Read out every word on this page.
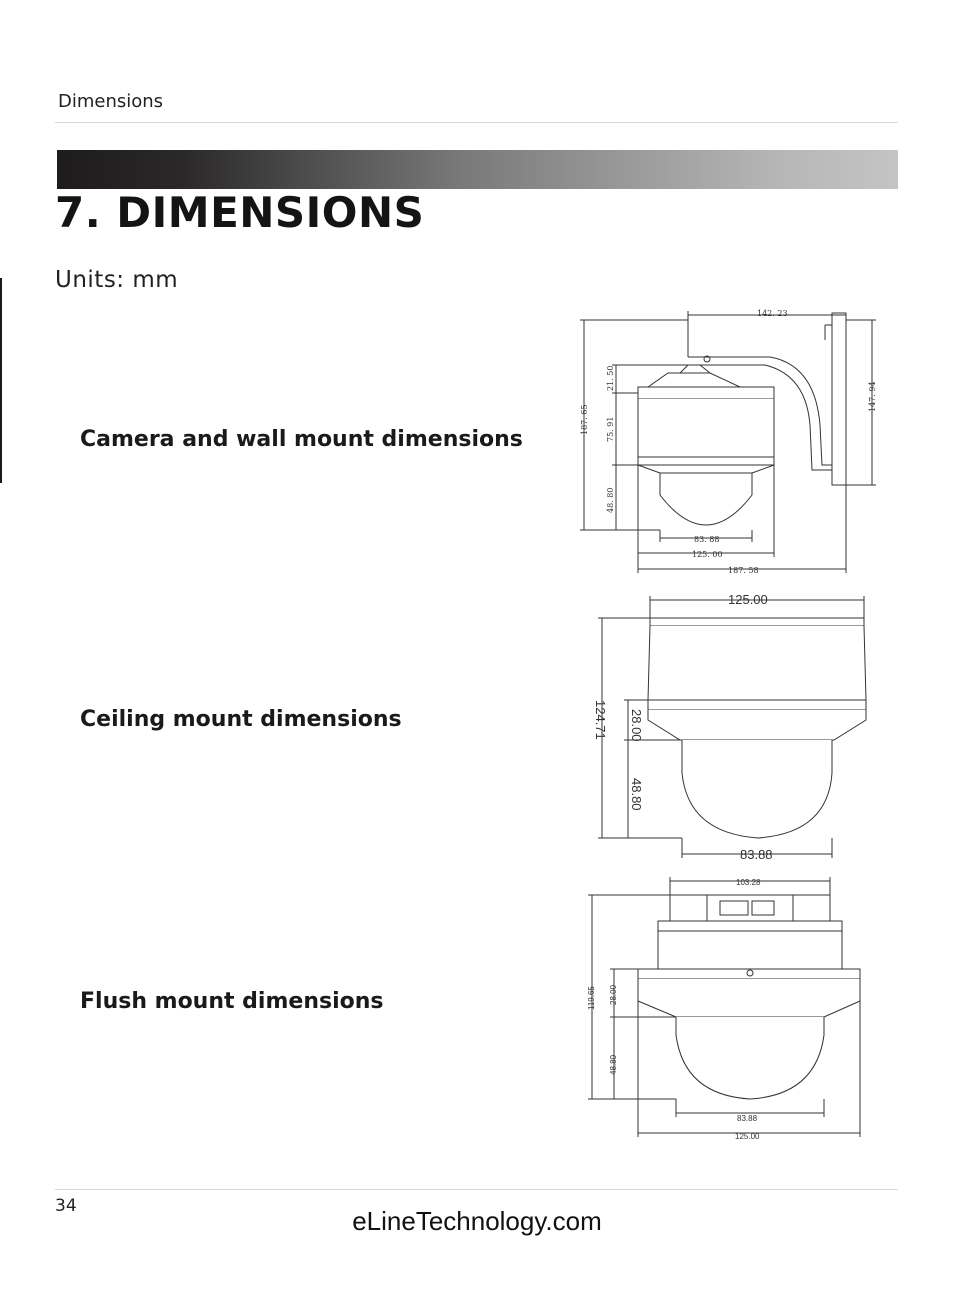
Dimensions
7. DIMENSIONS
Units: mm
Camera and wall mount dimensions
Ceiling mount dimensions
Flush mount dimensions
142. 23
147. 94
187. 65
21. 50
75. 91
48. 80
83. 88
125. 00
187. 58
125.00
124.71 28.00
48.80
83.88
103.28
119.65 28.00
48.80
83.88
125.00
34	eLineTechnology.com
